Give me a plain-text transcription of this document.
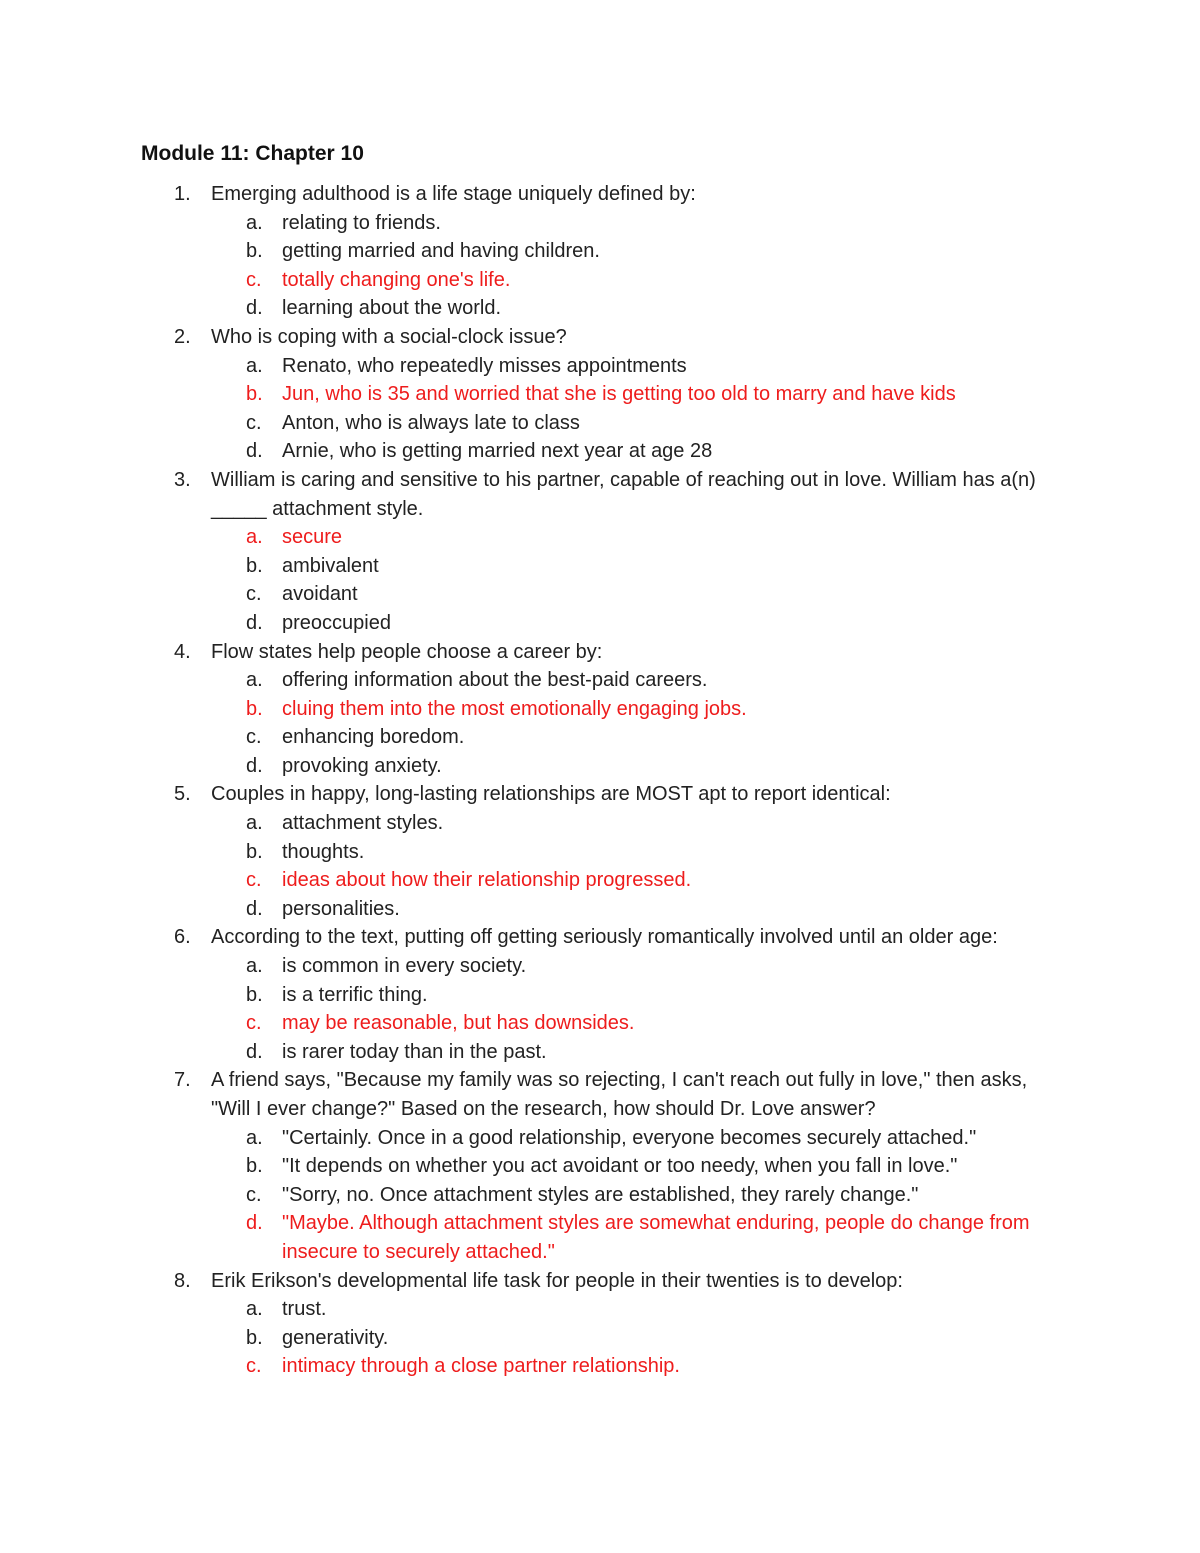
Module 11: Chapter 10
1. Emerging adulthood is a life stage uniquely defined by:
a. relating to friends.
b. getting married and having children.
c. totally changing one's life.
d. learning about the world.
2. Who is coping with a social-clock issue?
a. Renato, who repeatedly misses appointments
b. Jun, who is 35 and worried that she is getting too old to marry and have kids
c. Anton, who is always late to class
d. Arnie, who is getting married next year at age 28
3. William is caring and sensitive to his partner, capable of reaching out in love. William has a(n) _____ attachment style.
a. secure
b. ambivalent
c. avoidant
d. preoccupied
4. Flow states help people choose a career by:
a. offering information about the best-paid careers.
b. cluing them into the most emotionally engaging jobs.
c. enhancing boredom.
d. provoking anxiety.
5. Couples in happy, long-lasting relationships are MOST apt to report identical:
a. attachment styles.
b. thoughts.
c. ideas about how their relationship progressed.
d. personalities.
6. According to the text, putting off getting seriously romantically involved until an older age:
a. is common in every society.
b. is a terrific thing.
c. may be reasonable, but has downsides.
d. is rarer today than in the past.
7. A friend says, "Because my family was so rejecting, I can't reach out fully in love," then asks, "Will I ever change?" Based on the research, how should Dr. Love answer?
a. "Certainly. Once in a good relationship, everyone becomes securely attached."
b. "It depends on whether you act avoidant or too needy, when you fall in love."
c. "Sorry, no. Once attachment styles are established, they rarely change."
d. "Maybe. Although attachment styles are somewhat enduring, people do change from insecure to securely attached."
8. Erik Erikson's developmental life task for people in their twenties is to develop:
a. trust.
b. generativity.
c. intimacy through a close partner relationship.
